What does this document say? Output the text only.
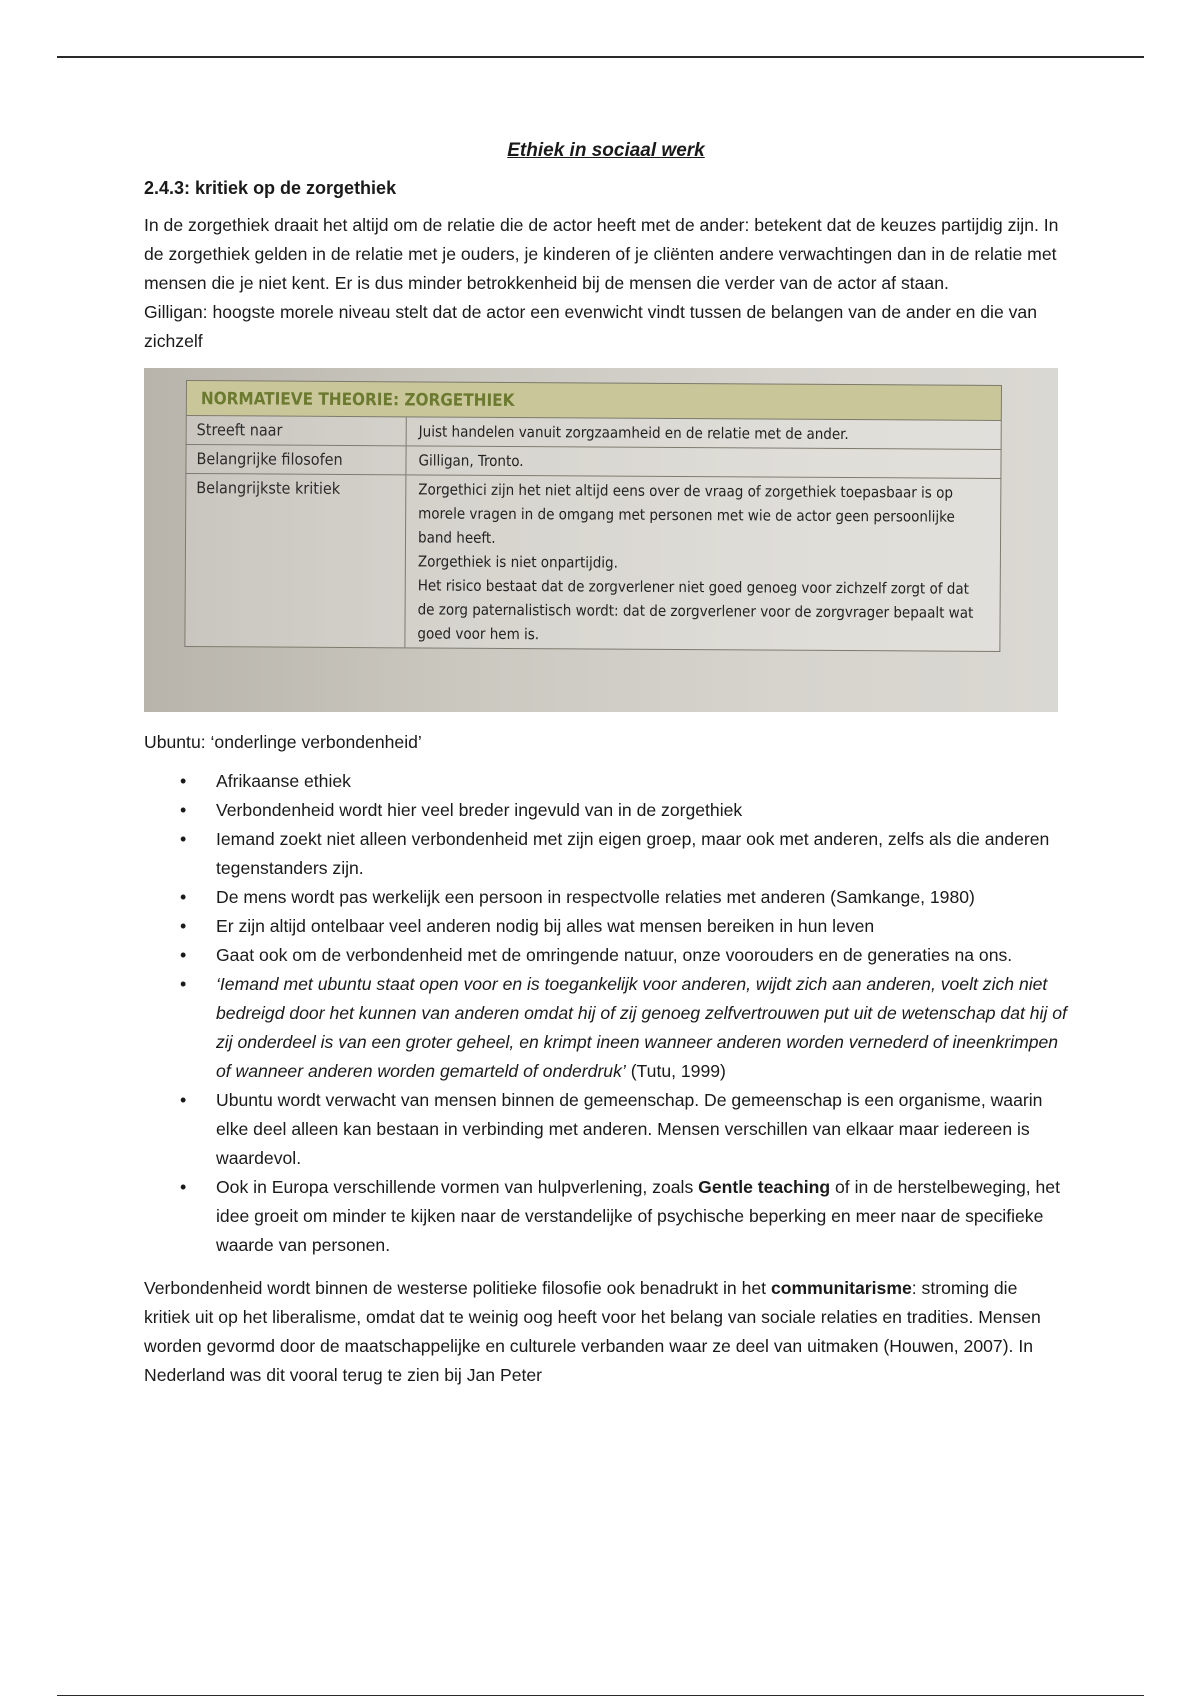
Ethiek in sociaal werk
2.4.3: kritiek op de zorgethiek

In de zorgethiek draait het altijd om de relatie die de actor heeft met de ander: betekent dat de keuzes partijdig zijn. In de zorgethiek gelden in de relatie met je ouders, je kinderen of je cliënten andere verwachtingen dan in de relatie met mensen die je niet kent. Er is dus minder betrokkenheid bij de mensen die verder van de actor af staan.

Gilligan: hoogste morele niveau stelt dat de actor een evenwicht vindt tussen de belangen van de ander en die van zichzelf

NORMATIEVE THEORIE: ZORGETHIEK
Streeft naar	Juist handelen vanuit zorgzaamheid en de relatie met de ander.
Belangrijke filosofen	Gilligan, Tronto.
Belangrijkste kritiek	Zorgethici zijn het niet altijd eens over de vraag of zorgethiek toepasbaar is op morele vragen in de omgang met personen met wie de actor geen persoonlijke band heeft.
Zorgethiek is niet onpartijdig.
Het risico bestaat dat de zorgverlener niet goed genoeg voor zichzelf zorgt of dat de zorg paternalistisch wordt: dat de zorgverlener voor de zorgvrager bepaalt wat goed voor hem is.

Ubuntu: ‘onderlinge verbondenheid’

• Afrikaanse ethiek
• Verbondenheid wordt hier veel breder ingevuld van in de zorgethiek
• Iemand zoekt niet alleen verbondenheid met zijn eigen groep, maar ook met anderen, zelfs als die anderen tegenstanders zijn.
• De mens wordt pas werkelijk een persoon in respectvolle relaties met anderen (Samkange, 1980)
• Er zijn altijd ontelbaar veel anderen nodig bij alles wat mensen bereiken in hun leven
• Gaat ook om de verbondenheid met de omringende natuur, onze voorouders en de generaties na ons.
• ‘Iemand met ubuntu staat open voor en is toegankelijk voor anderen, wijdt zich aan anderen, voelt zich niet bedreigd door het kunnen van anderen omdat hij of zij genoeg zelfvertrouwen put uit de wetenschap dat hij of zij onderdeel is van een groter geheel, en krimpt ineen wanneer anderen worden vernederd of ineenkrimpen of wanneer anderen worden gemarteld of onderdruk’ (Tutu, 1999)
• Ubuntu wordt verwacht van mensen binnen de gemeenschap. De gemeenschap is een organisme, waarin elke deel alleen kan bestaan in verbinding met anderen. Mensen verschillen van elkaar maar iedereen is waardevol.
• Ook in Europa verschillende vormen van hulpverlening, zoals Gentle teaching of in de herstelbeweging, het idee groeit om minder te kijken naar de verstandelijke of psychische beperking en meer naar de specifieke waarde van personen.

Verbondenheid wordt binnen de westerse politieke filosofie ook benadrukt in het communitarisme: stroming die kritiek uit op het liberalisme, omdat dat te weinig oog heeft voor het belang van sociale relaties en tradities. Mensen worden gevormd door de maatschappelijke en culturele verbanden waar ze deel van uitmaken (Houwen, 2007). In Nederland was dit vooral terug te zien bij Jan Peter
